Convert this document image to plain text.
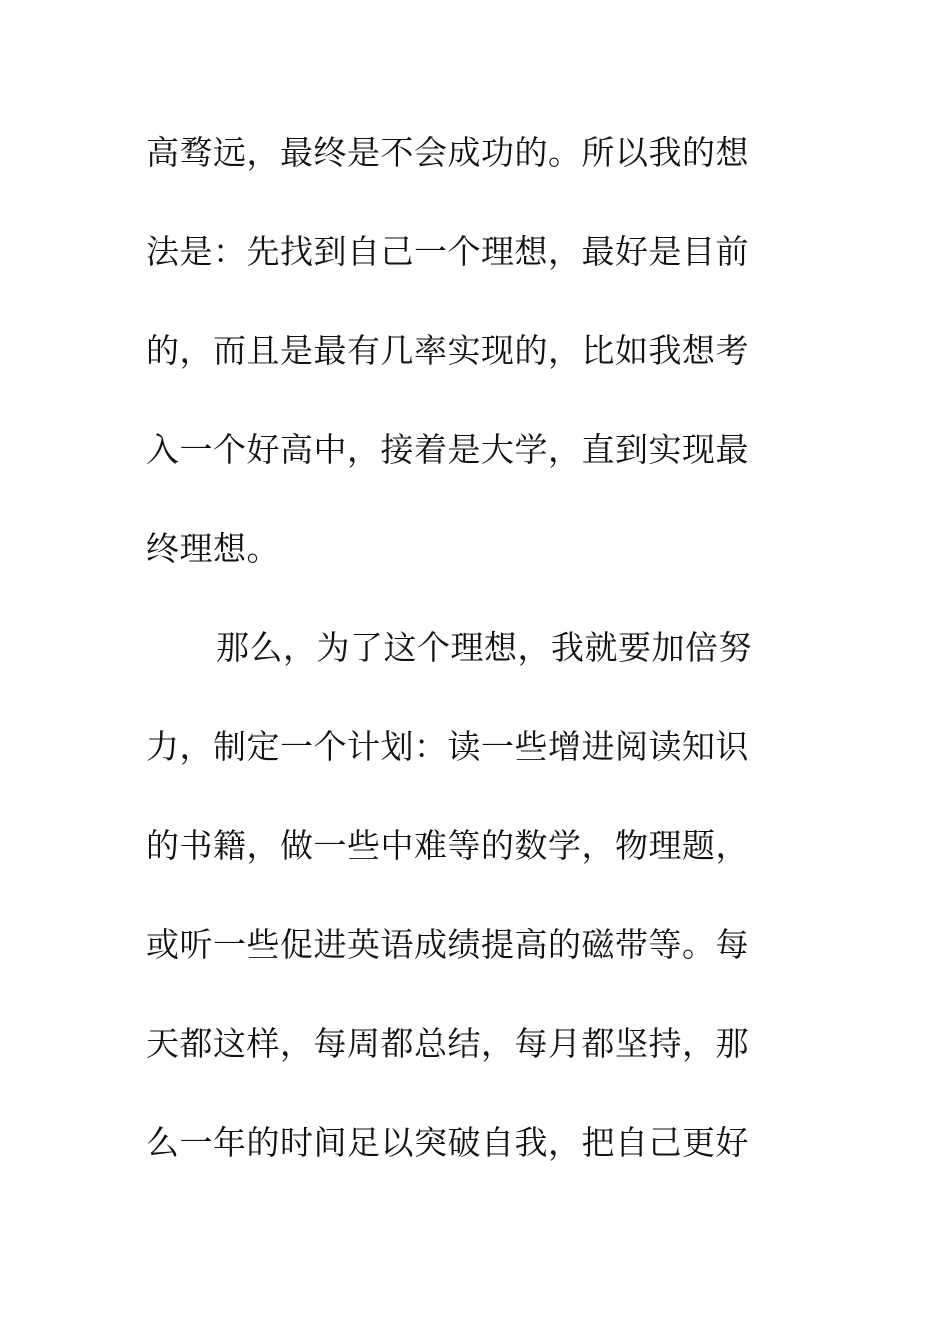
高骛远，最终是不会成功的。所以我的想
法是：先找到自己一个理想，最好是目前
的，而且是最有几率实现的，比如我想考
入一个好高中，接着是大学，直到实现最
终理想。
那么，为了这个理想，我就要加倍努
力，制定一个计划：读一些增进阅读知识
的书籍，做一些中难等的数学，物理题，
或听一些促进英语成绩提高的磁带等。每
天都这样，每周都总结，每月都坚持，那
么一年的时间足以突破自我，把自己更好
